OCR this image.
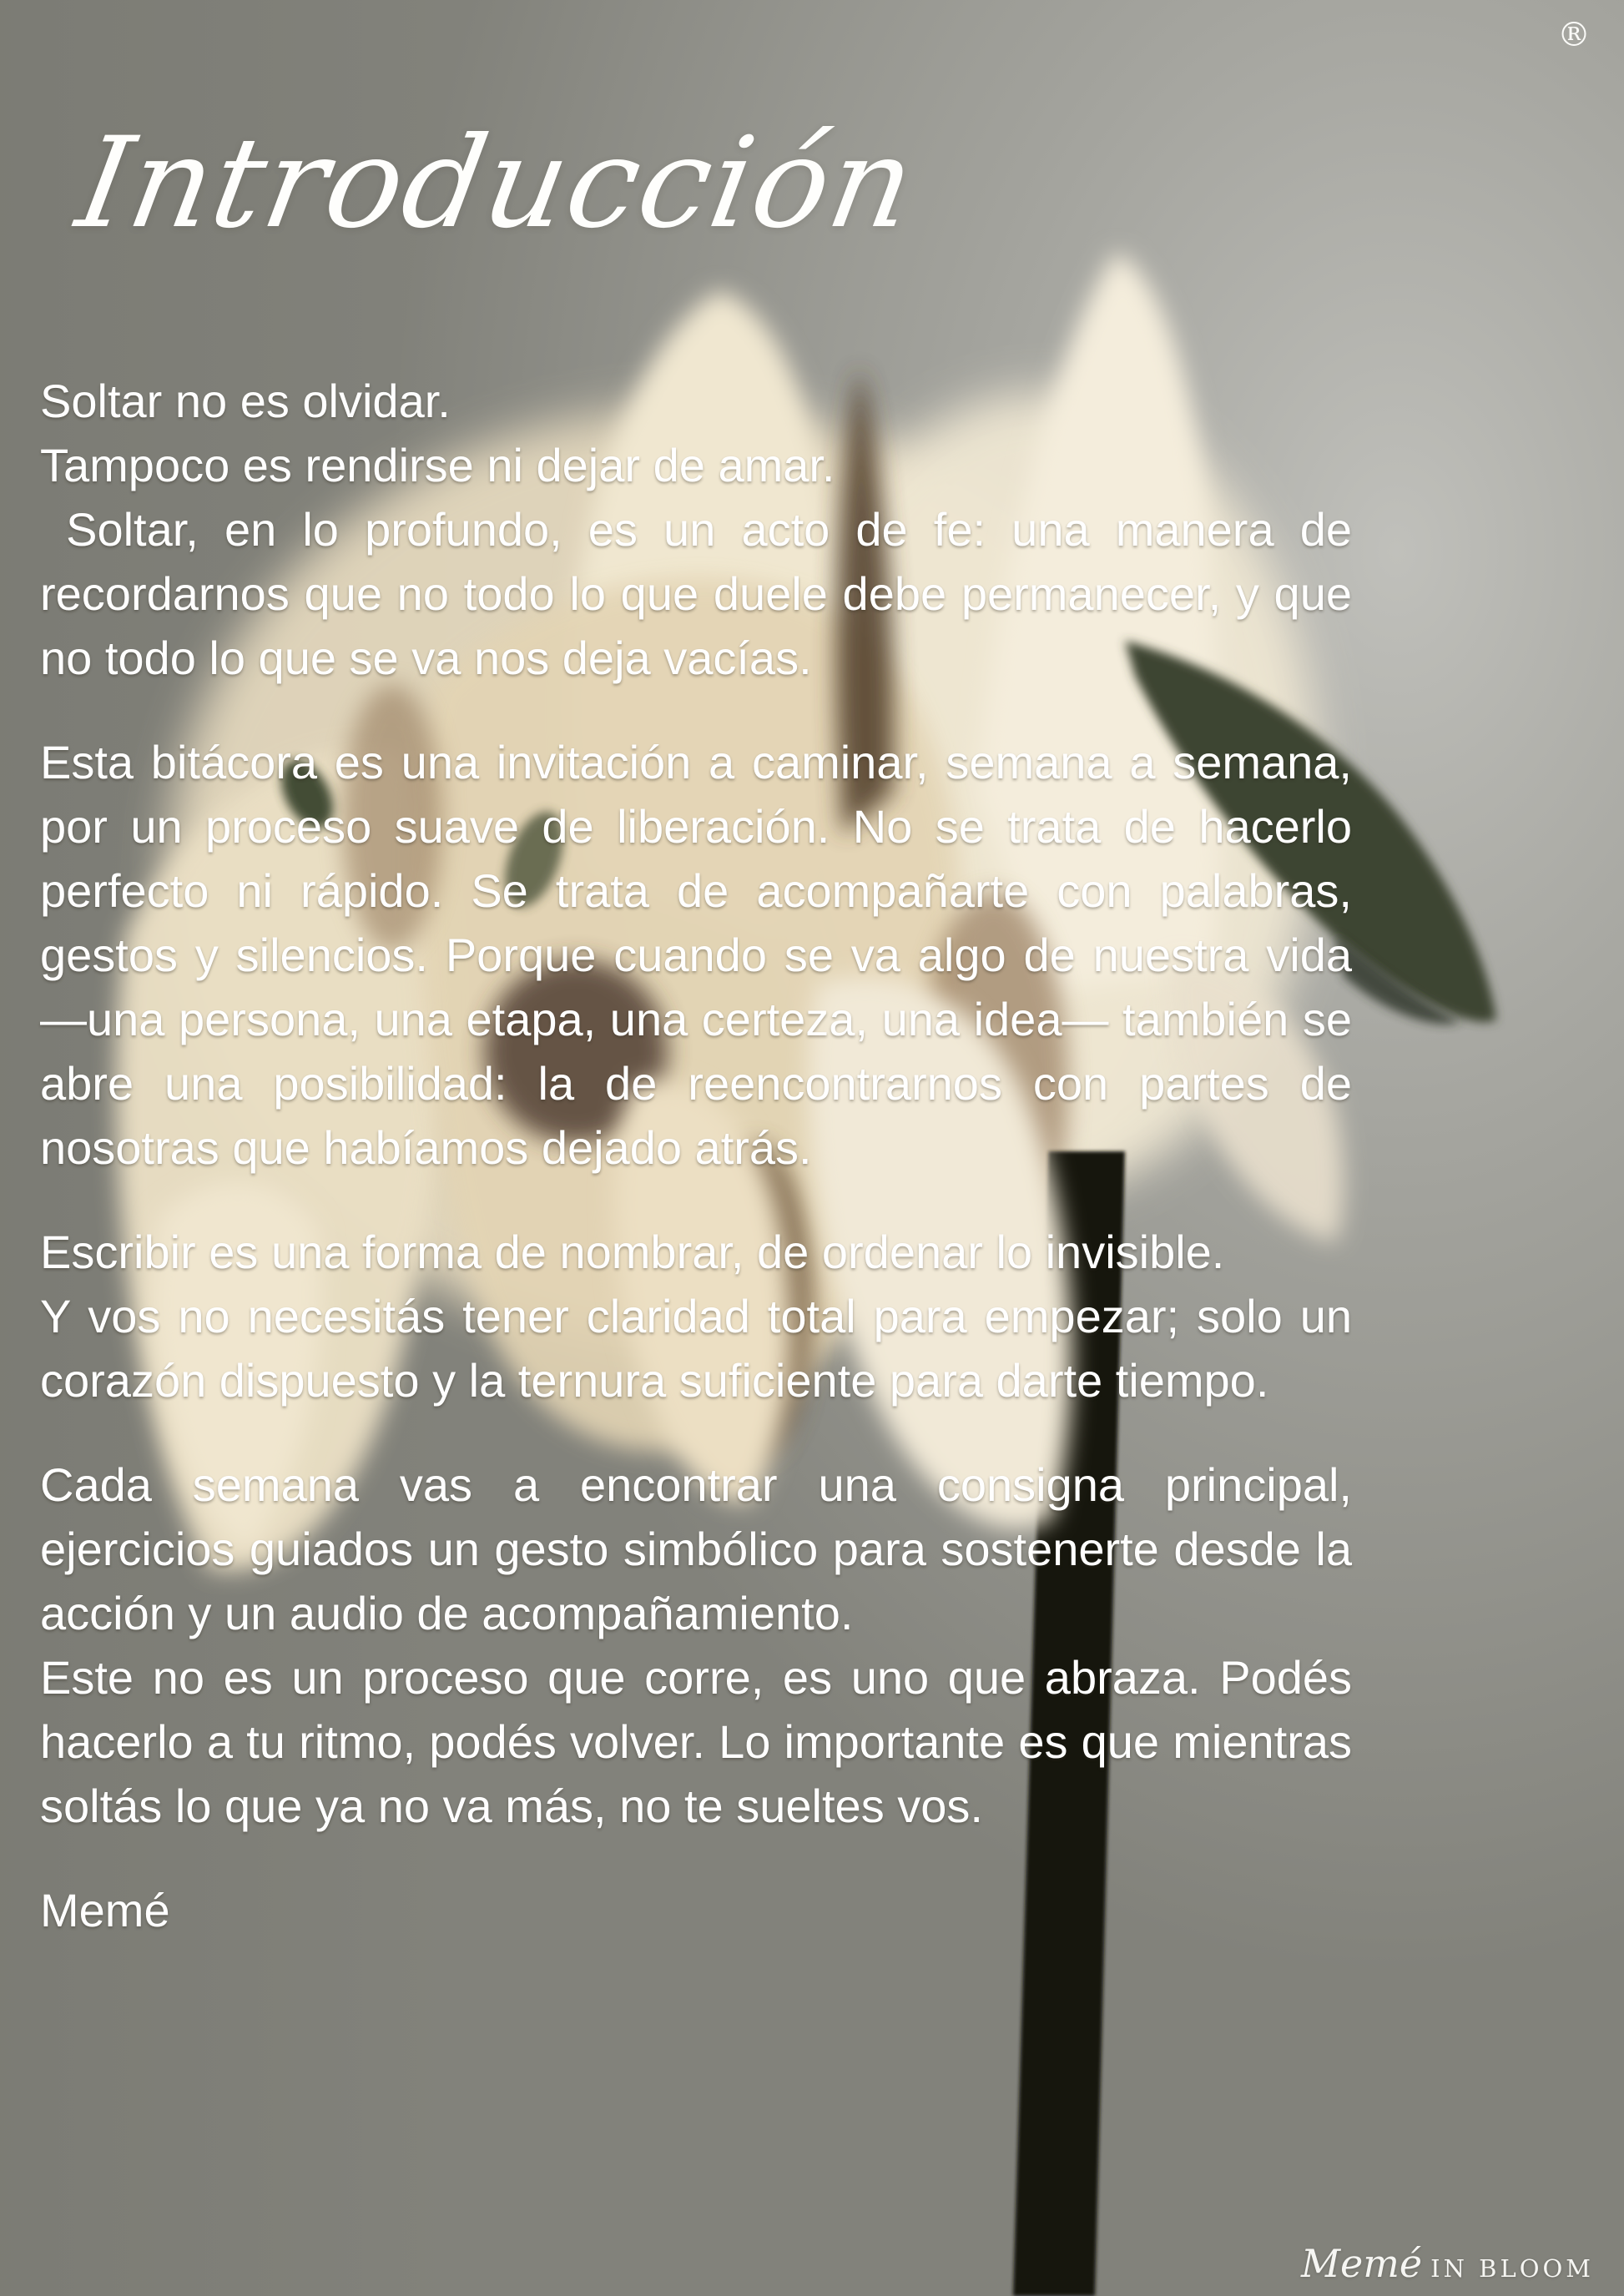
®
Introducción
Soltar no es olvidar.
Tampoco es rendirse ni dejar de amar.
Soltar, en lo profundo, es un acto de fe: una manera de recordarnos que no todo lo que duele debe permanecer, y que no todo lo que se va nos deja vacías.
Esta bitácora es una invitación a caminar, semana a semana, por un proceso suave de liberación. No se trata de hacerlo perfecto ni rápido. Se trata de acompañarte con palabras, gestos y silencios. Porque cuando se va algo de nuestra vida —una persona, una etapa, una certeza, una idea— también se abre una posibilidad: la de reencontrarnos con partes de nosotras que habíamos dejado atrás.
Escribir es una forma de nombrar, de ordenar lo invisible.
Y vos no necesitás tener claridad total para empezar; solo un corazón dispuesto y la ternura suficiente para darte tiempo.
Cada semana vas a encontrar una consigna principal, ejercicios guiados un gesto simbólico para sostenerte desde la acción y un audio de acompañamiento.
Este no es un proceso que corre, es uno que abraza. Podés hacerlo a tu ritmo, podés volver. Lo importante es que mientras soltás lo que ya no va más, no te sueltes vos.
Memé
Memé IN BLOOM
